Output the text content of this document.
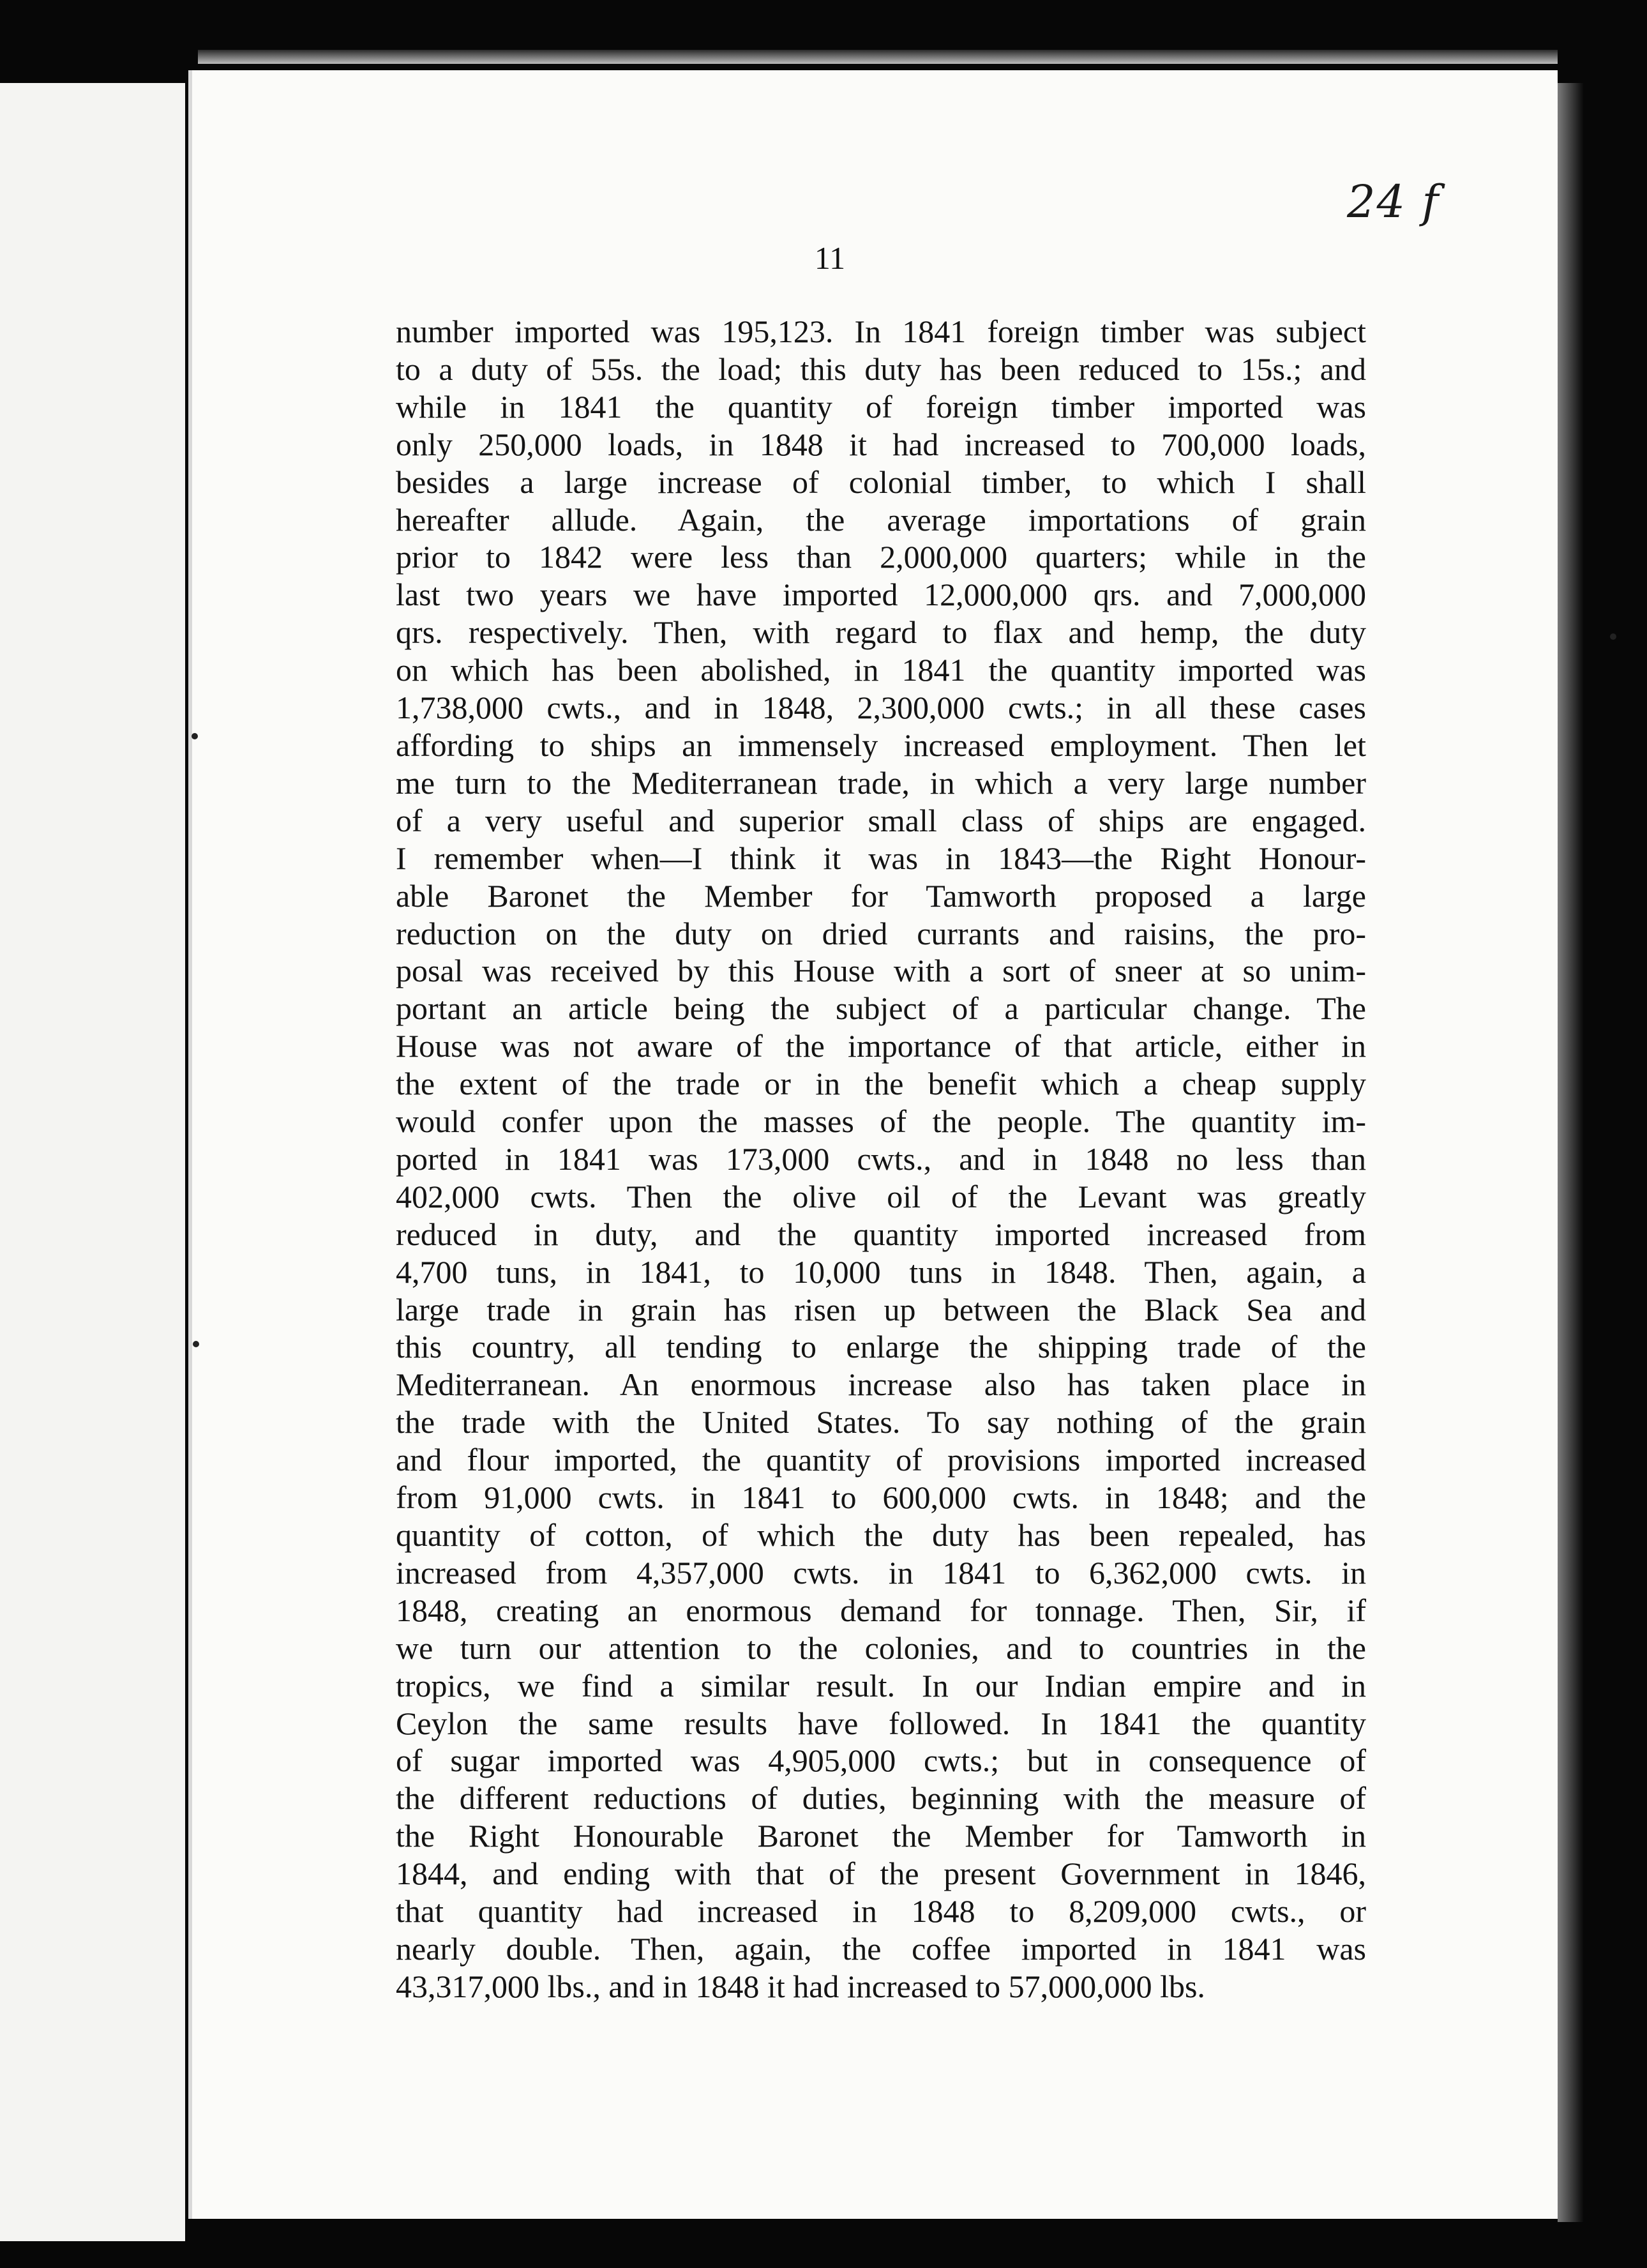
24 f
11
number imported was 195,123. In 1841 foreign timber was subject
to a duty of 55s. the load; this duty has been reduced to 15s.; and
while in 1841 the quantity of foreign timber imported was
only 250,000 loads, in 1848 it had increased to 700,000 loads,
besides a large increase of colonial timber, to which I shall
hereafter allude. Again, the average importations of grain
prior to 1842 were less than 2,000,000 quarters; while in the
last two years we have imported 12,000,000 qrs. and 7,000,000
qrs. respectively. Then, with regard to flax and hemp, the duty
on which has been abolished, in 1841 the quantity imported was
1,738,000 cwts., and in 1848, 2,300,000 cwts.; in all these cases
affording to ships an immensely increased employment. Then let
me turn to the Mediterranean trade, in which a very large number
of a very useful and superior small class of ships are engaged.
I remember when—I think it was in 1843—the Right Honour-
able Baronet the Member for Tamworth proposed a large
reduction on the duty on dried currants and raisins, the pro-
posal was received by this House with a sort of sneer at so unim-
portant an article being the subject of a particular change. The
House was not aware of the importance of that article, either in
the extent of the trade or in the benefit which a cheap supply
would confer upon the masses of the people. The quantity im-
ported in 1841 was 173,000 cwts., and in 1848 no less than
402,000 cwts. Then the olive oil of the Levant was greatly
reduced in duty, and the quantity imported increased from
4,700 tuns, in 1841, to 10,000 tuns in 1848. Then, again, a
large trade in grain has risen up between the Black Sea and
this country, all tending to enlarge the shipping trade of the
Mediterranean. An enormous increase also has taken place in
the trade with the United States. To say nothing of the grain
and flour imported, the quantity of provisions imported increased
from 91,000 cwts. in 1841 to 600,000 cwts. in 1848; and the
quantity of cotton, of which the duty has been repealed, has
increased from 4,357,000 cwts. in 1841 to 6,362,000 cwts. in
1848, creating an enormous demand for tonnage. Then, Sir, if
we turn our attention to the colonies, and to countries in the
tropics, we find a similar result. In our Indian empire and in
Ceylon the same results have followed. In 1841 the quantity
of sugar imported was 4,905,000 cwts.; but in consequence of
the different reductions of duties, beginning with the measure of
the Right Honourable Baronet the Member for Tamworth in
1844, and ending with that of the present Government in 1846,
that quantity had increased in 1848 to 8,209,000 cwts., or
nearly double. Then, again, the coffee imported in 1841 was
43,317,000 lbs., and in 1848 it had increased to 57,000,000 lbs.
